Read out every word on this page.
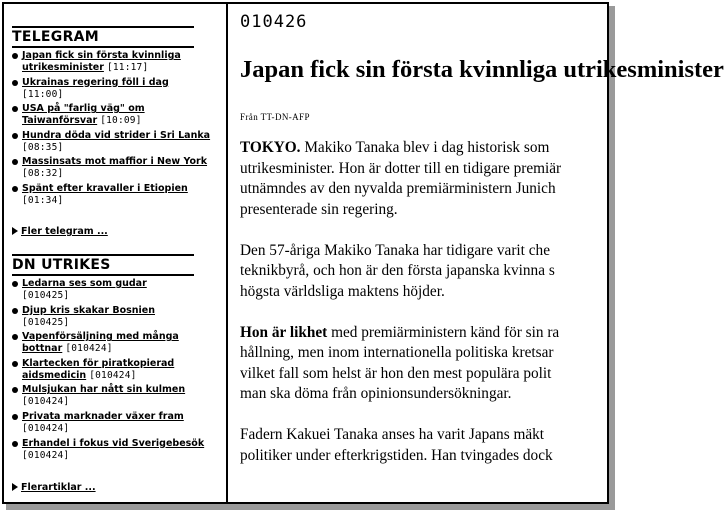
TELEGRAM
Japan fick sin första kvinnliga utrikesminister [11:17]
Ukrainas regering föll i dag [11:00]
USA på "farlig väg" om Taiwanförsvar [10:09]
Hundra döda vid strider i Sri Lanka [08:35]
Massinsats mot maffior i New York [08:32]
Spänt efter kravaller i Etiopien [01:34]
Fler telegram ...
DN UTRIKES
Ledarna ses som gudar
[010425]
Djup kris skakar Bosnien
[010425]
Vapenförsäljning med många bottnar [010424]
Klartecken för piratkopierad aidsmedicin [010424]
Mulsjukan har nått sin kulmen
[010424]
Privata marknader växer fram
[010424]
Erhandel i fokus vid Sverigebesök [010424]
Flerartiklar ...
010426
Japan fick sin första kvinnliga utrikesminister
Från TT-DN-AFP

TOKYO. Makiko Tanaka blev i dag historisk som
utrikesminister. Hon är dotter till en tidigare premiär
utnämndes av den nyvalda premiärministern Junich
presenterade sin regering.

Den 57-åriga Makiko Tanaka har tidigare varit che
teknikbyrå, och hon är den första japanska kvinna s
högsta världsliga maktens höjder.

Hon är likhet med premiärministern känd för sin ra
hållning, men inom internationella politiska kretsar
vilket fall som helst är hon den mest populära polit
man ska döma från opinionsundersökningar.

Fadern Kakuei Tanaka anses ha varit Japans mäkt
politiker under efterkrigstiden. Han tvingades dock
